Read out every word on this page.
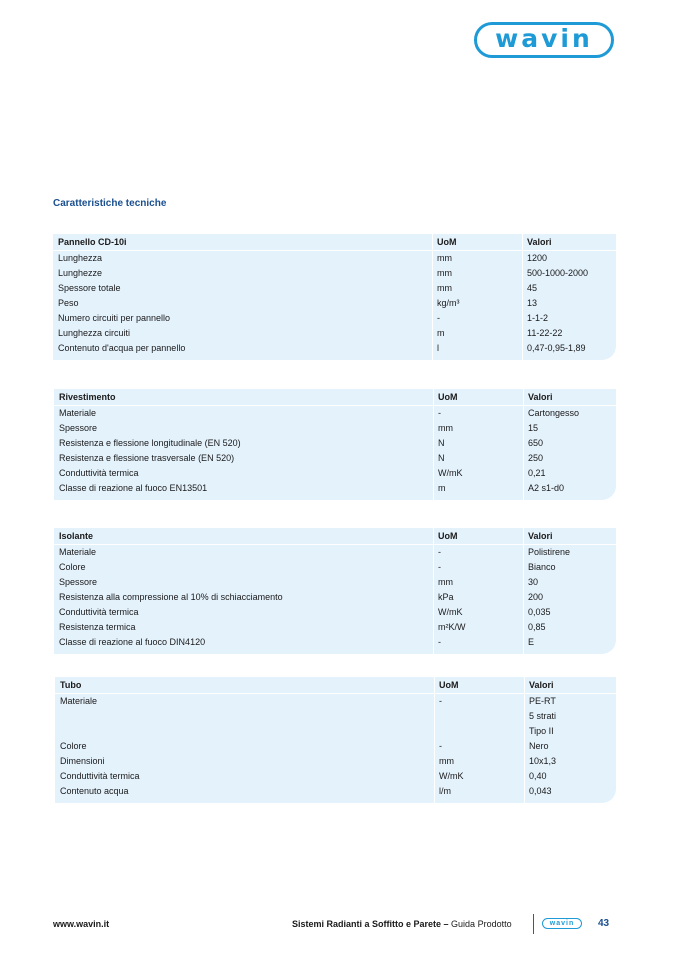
wavin
Caratteristiche tecniche
Pannello CD-10i	UoM	Valori
Lunghezza	mm	1200
Lunghezze	mm	500-1000-2000
Spessore totale	mm	45
Peso	kg/m³	13
Numero circuiti per pannello	-	1-1-2
Lunghezza circuiti	m	11-22-22
Contenuto d'acqua per pannello	l	0,47-0,95-1,89
Rivestimento	UoM	Valori
Materiale	-	Cartongesso
Spessore	mm	15
Resistenza e flessione longitudinale (EN 520)	N	650
Resistenza e flessione trasversale (EN 520)	N	250
Conduttività termica	W/mK	0,21
Classe di reazione al fuoco EN13501	m	A2 s1-d0
Isolante	UoM	Valori
Materiale	-	Polistirene
Colore	-	Bianco
Spessore	mm	30
Resistenza alla compressione al 10% di schiacciamento	kPa	200
Conduttività termica	W/mK	0,035
Resistenza termica	m²K/W	0,85
Classe di reazione al fuoco DIN4120	-	E
Tubo	UoM	Valori
Materiale	-	PE-RT
5 strati
Tipo II
Colore	-	Nero
Dimensioni	mm	10x1,3
Conduttività termica	W/mK	0,40
Contenuto acqua	l/m	0,043
www.wavin.it	Sistemi Radianti a Soffitto e Parete – Guida Prodotto	wavin 43
